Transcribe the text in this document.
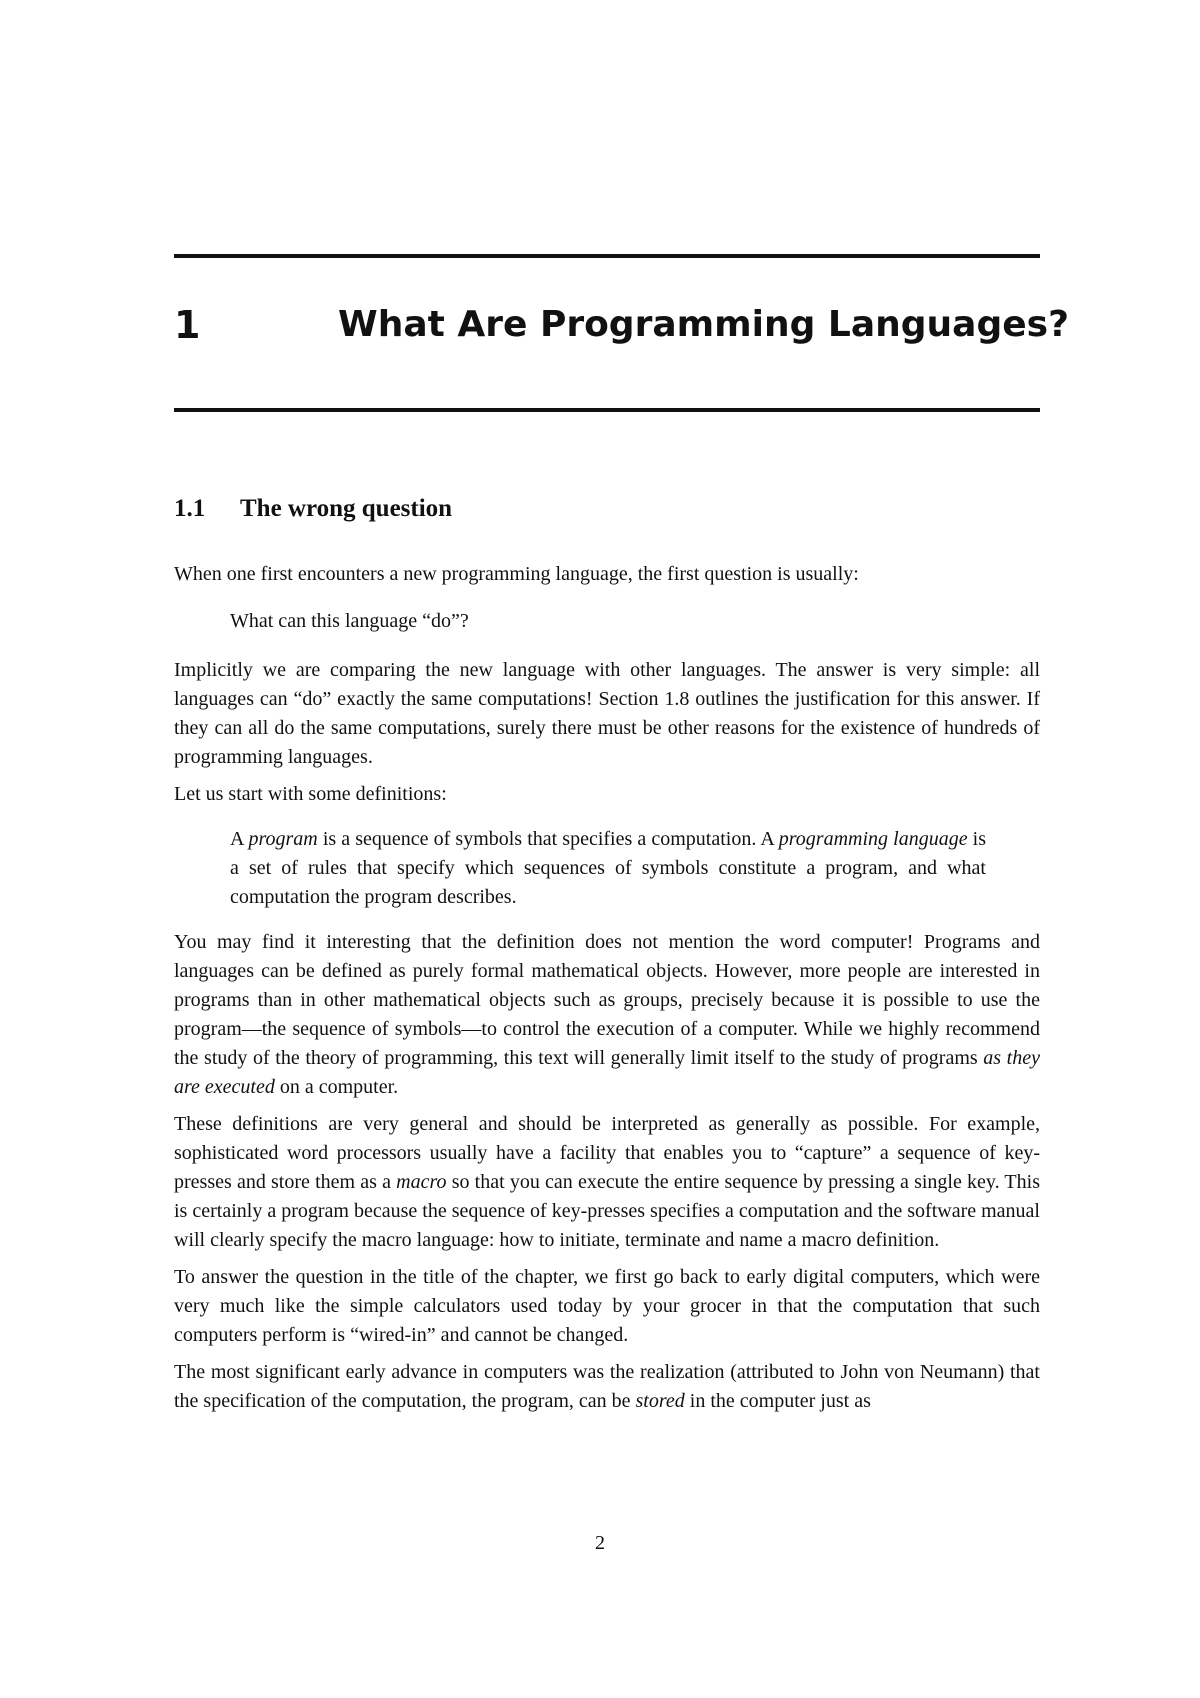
1	What Are Programming Languages?
1.1 The wrong question

When one first encounters a new programming language, the first question is usually:

What can this language “do”?

Implicitly we are comparing the new language with other languages. The answer is very simple: all languages can “do” exactly the same computations! Section 1.8 outlines the justification for this answer. If they can all do the same computations, surely there must be other reasons for the existence of hundreds of programming languages.

Let us start with some definitions:

A program is a sequence of symbols that specifies a computation. A programming language is a set of rules that specify which sequences of symbols constitute a program, and what computation the program describes.

You may find it interesting that the definition does not mention the word computer! Programs and languages can be defined as purely formal mathematical objects. However, more people are interested in programs than in other mathematical objects such as groups, precisely because it is possible to use the program—the sequence of symbols—to control the execution of a computer. While we highly recommend the study of the theory of programming, this text will generally limit itself to the study of programs as they are executed on a computer.

These definitions are very general and should be interpreted as generally as possible. For example, sophisticated word processors usually have a facility that enables you to “capture” a sequence of key-presses and store them as a macro so that you can execute the entire sequence by pressing a single key. This is certainly a program because the sequence of key-presses specifies a computation and the software manual will clearly specify the macro language: how to initiate, terminate and name a macro definition.

To answer the question in the title of the chapter, we first go back to early digital computers, which were very much like the simple calculators used today by your grocer in that the computation that such computers perform is “wired-in” and cannot be changed.

The most significant early advance in computers was the realization (attributed to John von Neumann) that the specification of the computation, the program, can be stored in the computer just as

2
